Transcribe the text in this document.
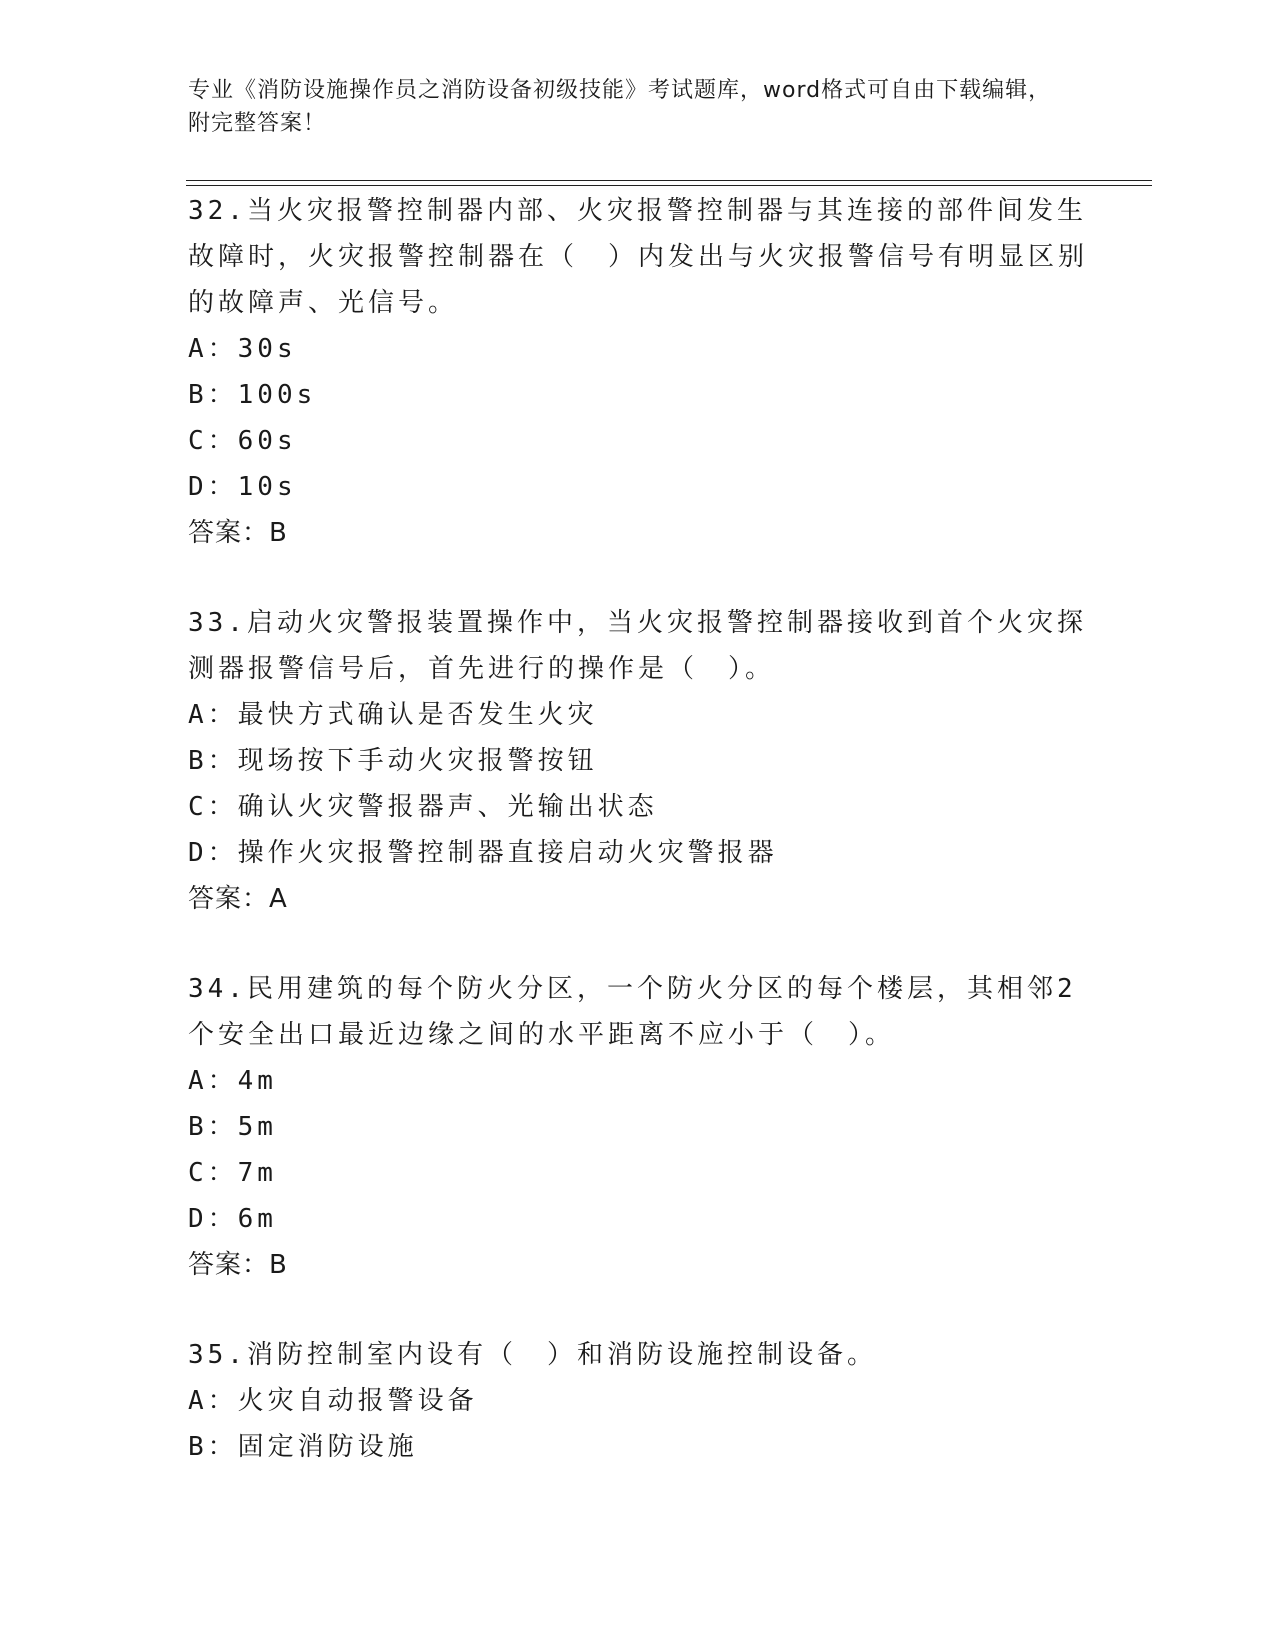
专业《消防设施操作员之消防设备初级技能》考试题库，word格式可自由下载编辑，附完整答案！
32.当火灾报警控制器内部、火灾报警控制器与其连接的部件间发生故障时，火灾报警控制器在（　）内发出与火灾报警信号有明显区别的故障声、光信号。
A：30s
B：100s
C：60s
D：10s
答案：B
33.启动火灾警报装置操作中，当火灾报警控制器接收到首个火灾探测器报警信号后，首先进行的操作是（　）。
A：最快方式确认是否发生火灾
B：现场按下手动火灾报警按钮
C：确认火灾警报器声、光输出状态
D：操作火灾报警控制器直接启动火灾警报器
答案：A
34.民用建筑的每个防火分区，一个防火分区的每个楼层，其相邻2个安全出口最近边缘之间的水平距离不应小于（　）。
A：4m
B：5m
C：7m
D：6m
答案：B
35.消防控制室内设有（　）和消防设施控制设备。
A：火灾自动报警设备
B：固定消防设施
